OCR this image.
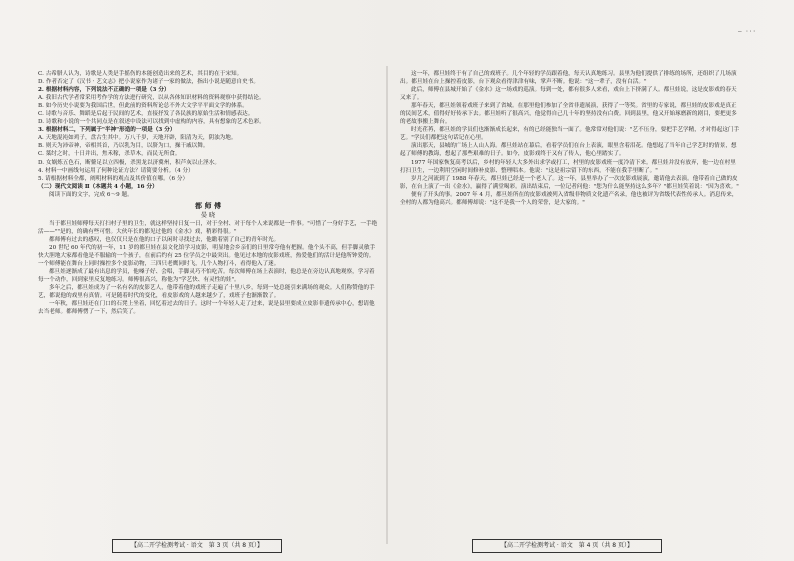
— ···

C. 古希腊人认为，诗歌是人类是手摇伤的本能创造出来的艺术，其目的在于宋知。

D. 作者否定了《汉书 · 艺文志》把小说家作为诸子一家的做法，指出小说是随意自史书。

2. 根据材料内容，下列说法不正确的一项是（3 分）

A. 我旧古代学者常采用考作学的方法进行研究，以从各体知识材料的资料观察中获得结论。

B. 如今历史小说要为我国后世，但此前的资料所论总不外大文学平平面文学的体系。

C. 诗歌与音乐、舞蹈是后起于民间的艺术，直接抒发了各民族的原始生活和情感表达。

D. 诗歌和小说的一个共同点是在叙述中设法可以找到中虚构的内容，具有想象的艺术色彩。

3. 根据材料二，下列属于"半神"形造的一项是（3 分）

A. 天地混沌如鸡子，盘古生其中。万八千岁，天地开辟，阳清为天，阴浊为地。

B. 则天为沛帝神，帝相其首，乃以乳为目，以脐为口，操干戚以舞。

C. 桀纣之时，十日并出，焦禾稼，杀草木，而民无所食。

D. 女娲炼五色石，断鳌足以立四极，杀黑龙以济冀州，积芦灰以止淫水。

4. 材料一中画线句运用了何种论证方法？请简要分析。（4 分）

5. 请根据材料全都，阐明材料的观点及其价值在哪。（6 分）

（二）现代文阅读 Ⅱ（本题共 4 小题，16 分）

阅读下面的文字，完成 6～9 题。

都 师 傅

晏 晓

当于都旦娃师傅每天打扫村子里的卫生，就这样坚持日复一日，对于全村、对于每个人来说都是一件事。"可惜了一身好手艺，一手绝活——""是的，的确有些可惜。大伙年长的都见过他的《金水》戏，稍彩得很。"

都师傅有过去的感叹，也仅仅只是在他的口子以闲时寻找过去，他瞻着别了自己的青年时光。

20 世纪 60 年代的初一年，11 岁的都旦娃在县文化馆学习皮影，明显地会乡亲们的日里常夸他有把握。他个头不高，但手脚灵敏手快大胆地大家都看他是不服输的一个孩子，在前后约有 25 位学员之中最突出。他见过本地的皮影戏班，热爱他们的活计是他所钟爱的。一个师傅能在舞台上同时操控多个皮影动物，三四只老鹰同时飞，几个人物打斗，看得他入了迷。

都旦娃逐渐成了最有出息的学员，他嗓子好、会唱，手脚灵巧不怕吃苦。每次师傅在场上表演时，他总是在旁边认真地观察，学习着每一个动作，回到家里反复地练习。师傅很高兴，称他为"学艺快、有灵性的娃"。

多年之后，都旦娃成为了一名有名的皮影艺人，他带着他的戏班子走遍了十里八乡，每到一处总能引来满场的观众。人们称赞他的手艺，都说他的戏里有真情。可是随着时代的变化，看皮影戏的人越来越少了，戏班子也渐渐散了。

一年秋，都旦娃还在门口的石凳上坐着，回忆着过去的日子。这时一个年轻人走了过来，说是县里要成立皮影非遗传承中心，想请他去当老师。都师傅愣了一下，然后笑了。

这一年，都旦娃终于有了自己的戏班子。几个年轻的学员跟着他，每天认真地练习。县里为他们提供了排练的场所，还组织了几场演出。都旦娃在台上操控着皮影，台下观众看得津津有味，掌声不断。他说："这一辈子，没有白活。"

此后，师傅在县城开始了《金水》这一场戏的巡演。每到一处，都有很多人来看，戏台上下挤满了人。都旦娃说，这是皮影戏的春天又来了。

那年春天，都旦娃领着戏班子来到了省城。在那里他们参加了全省非遗展演，获得了一等奖。省里的专家说，都旦娃的皮影戏是真正的民间艺术，值得好好传承下去。都旦娃听了很高兴，他觉得自己几十年的坚持没有白费。回到县里，他又开始琢磨新的剧目，要把更多的老故事搬上舞台。

时光荏苒，都旦娃的学员们也渐渐成长起来，有的已经能独当一面了。他常常对他们说："艺不压身，要把手艺学精，才对得起这门手艺。"学员们都把这句话记在心里。

演出那天，县城的广场上人山人海。都旦娃站在幕后，看着学员们在台上表演，眼里含着泪花。他想起了当年自己学艺时的情景，想起了师傅的教诲，想起了那些艰难的日子。如今，皮影戏终于又有了传人，他心里踏实了。

1977 年国家恢复高考以后，乡村的年轻人大多外出求学或打工，村里的皮影戏班一度冷清下来。都旦娃并没有放弃，他一边在村里打扫卫生，一边利用空闲时间修补皮影、整理唱本。他说："这是祖宗留下的东西，不能在我手里断了。"

岁月之河流到了 1988 年春天，都旦娃已经是一个老人了。这一年，县里举办了一次皮影戏展演，邀请他去表演。他带着自己做的皮影，在台上演了一出《金水》，赢得了满堂喝彩。演出结束后，一位记者问他："您为什么能坚持这么多年？"都旦娃笑着说："因为喜欢。"

便有了开头的事。2007 年 4 月，都旦娃所在的皮影戏被列入省级非物质文化遗产名录，他也被评为省级代表性传承人。消息传来，全村的人都为他高兴。都师傅却说："这不是我一个人的荣誉，是大家的。"

【高二开学检测考试 · 语文　第 3 页（共 8 页）】	【高二开学检测考试 · 语文　第 4 页（共 8 页）】
